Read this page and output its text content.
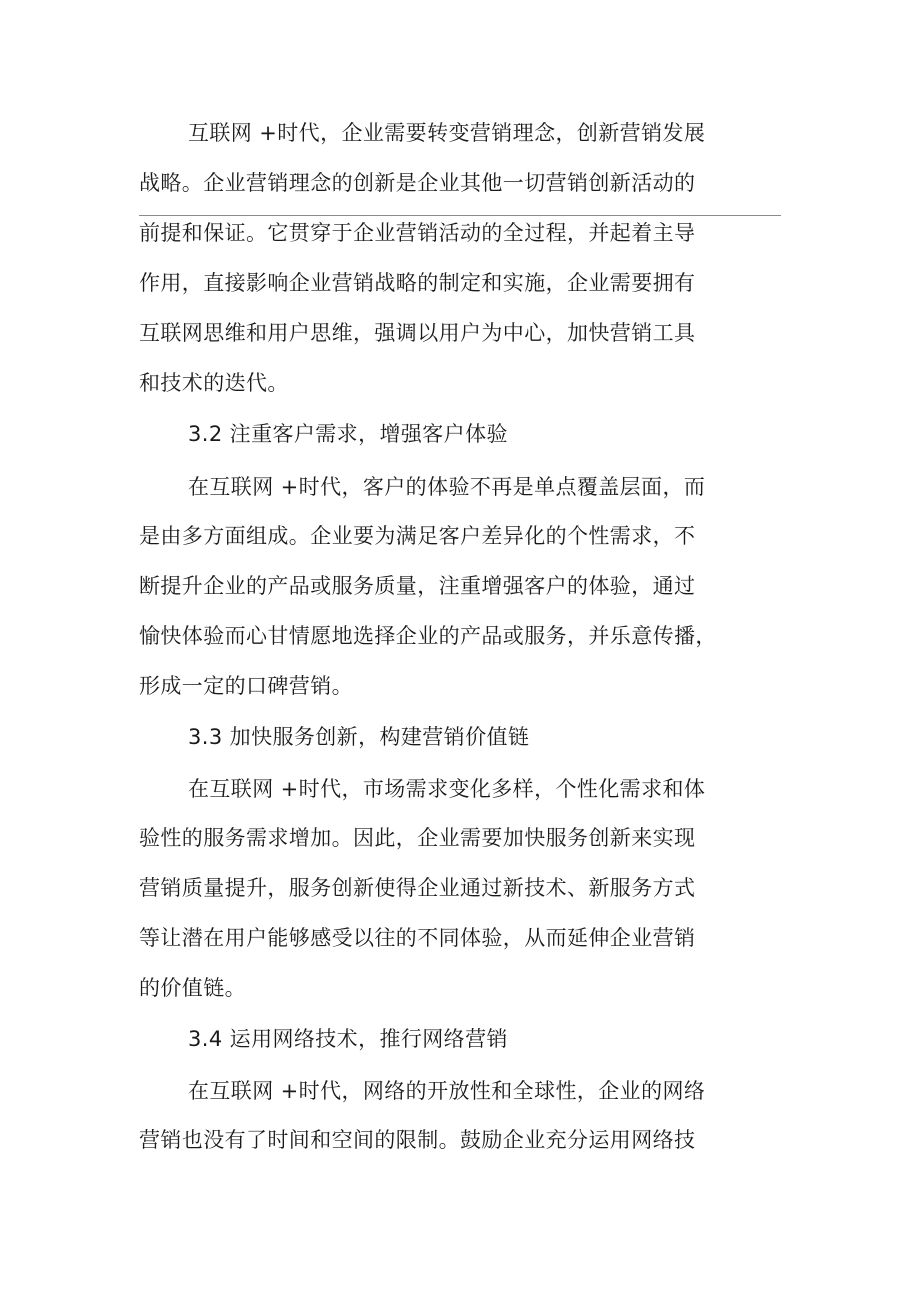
互联网 +时代，企业需要转变营销理念，创新营销发展
战略。企业营销理念的创新是企业其他一切营销创新活动的
前提和保证。它贯穿于企业营销活动的全过程，并起着主导
作用，直接影响企业营销战略的制定和实施，企业需要拥有
互联网思维和用户思维，强调以用户为中心，加快营销工具
和技术的迭代。
3.2 注重客户需求，增强客户体验
在互联网 +时代，客户的体验不再是单点覆盖层面，而
是由多方面组成。企业要为满足客户差异化的个性需求，不
断提升企业的产品或服务质量，注重增强客户的体验，通过
愉快体验而心甘情愿地选择企业的产品或服务，并乐意传播，
形成一定的口碑营销。
3.3 加快服务创新，构建营销价值链
在互联网 +时代，市场需求变化多样，个性化需求和体
验性的服务需求增加。因此，企业需要加快服务创新来实现
营销质量提升，服务创新使得企业通过新技术、新服务方式
等让潜在用户能够感受以往的不同体验，从而延伸企业营销
的价值链。
3.4 运用网络技术，推行网络营销
在互联网 +时代，网络的开放性和全球性，企业的网络
营销也没有了时间和空间的限制。鼓励企业充分运用网络技
